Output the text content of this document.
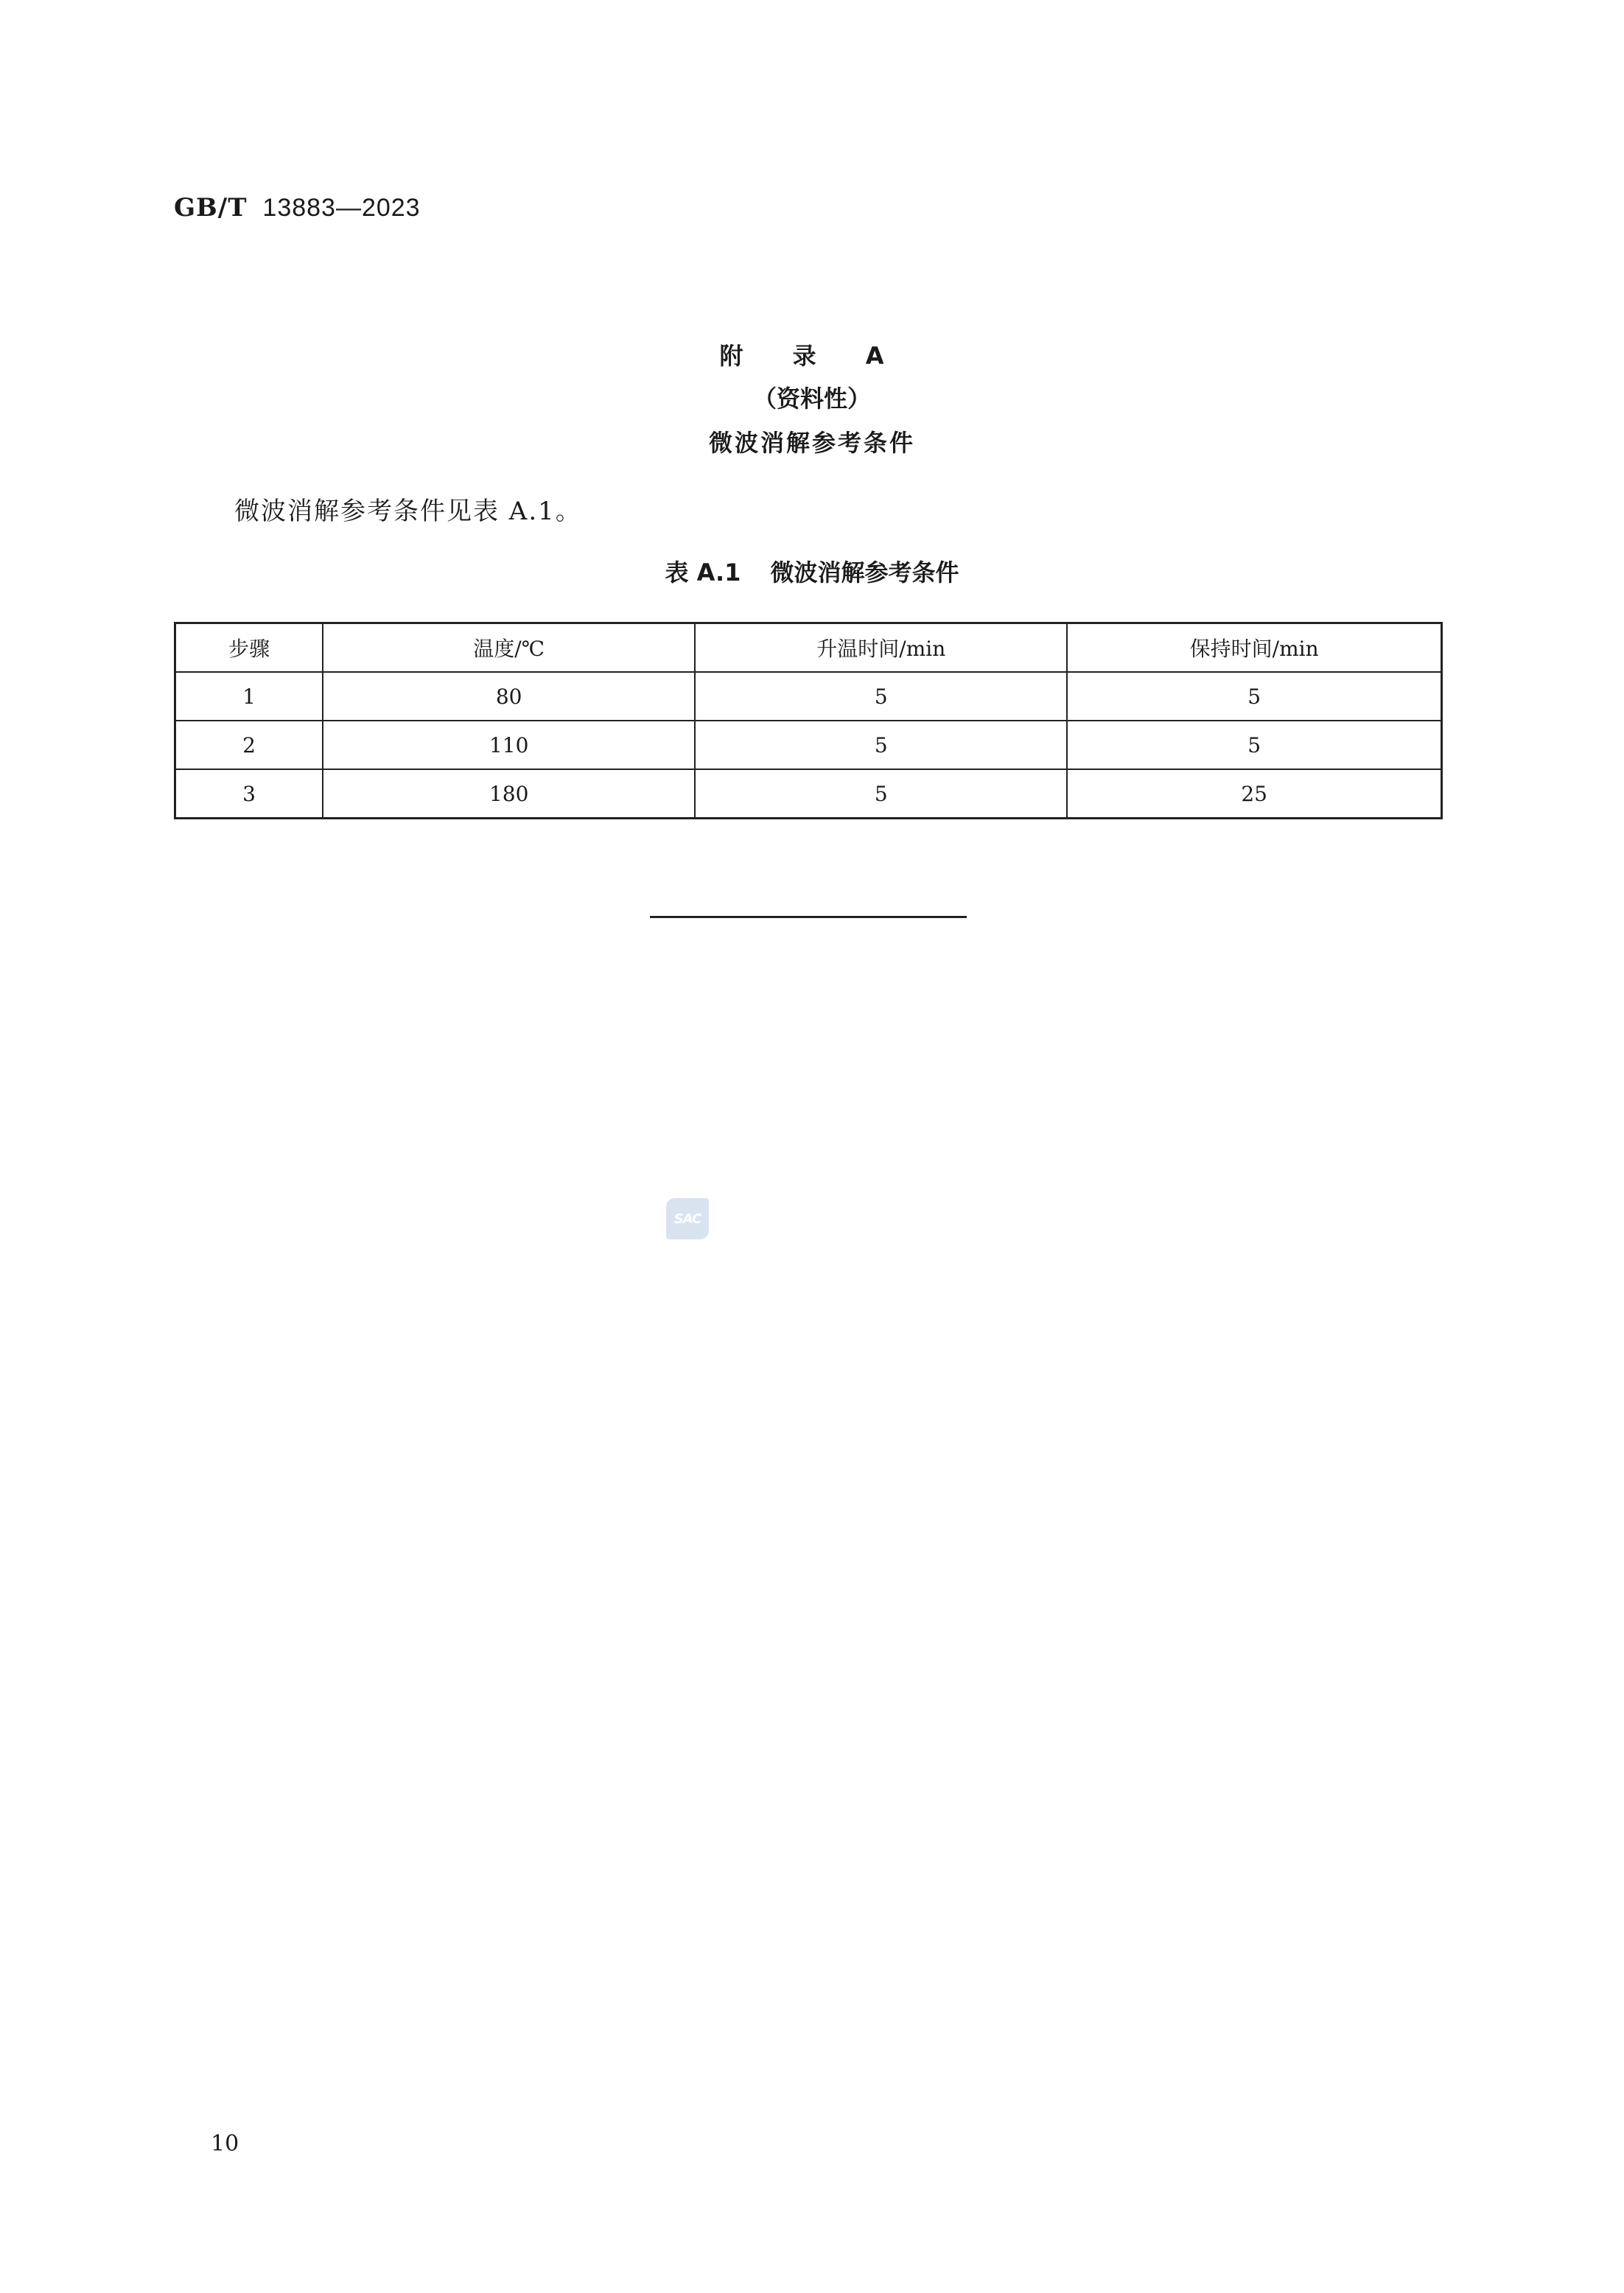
GB/T 13883—2023
附 录 A
（资料性）
微波消解参考条件
微波消解参考条件见表 A.1。
表 A.1 微波消解参考条件
步骤	温度/℃	升温时间/min	保持时间/min
1	80	5	5
2	110	5	5
3	180	5	25
SAC
10
